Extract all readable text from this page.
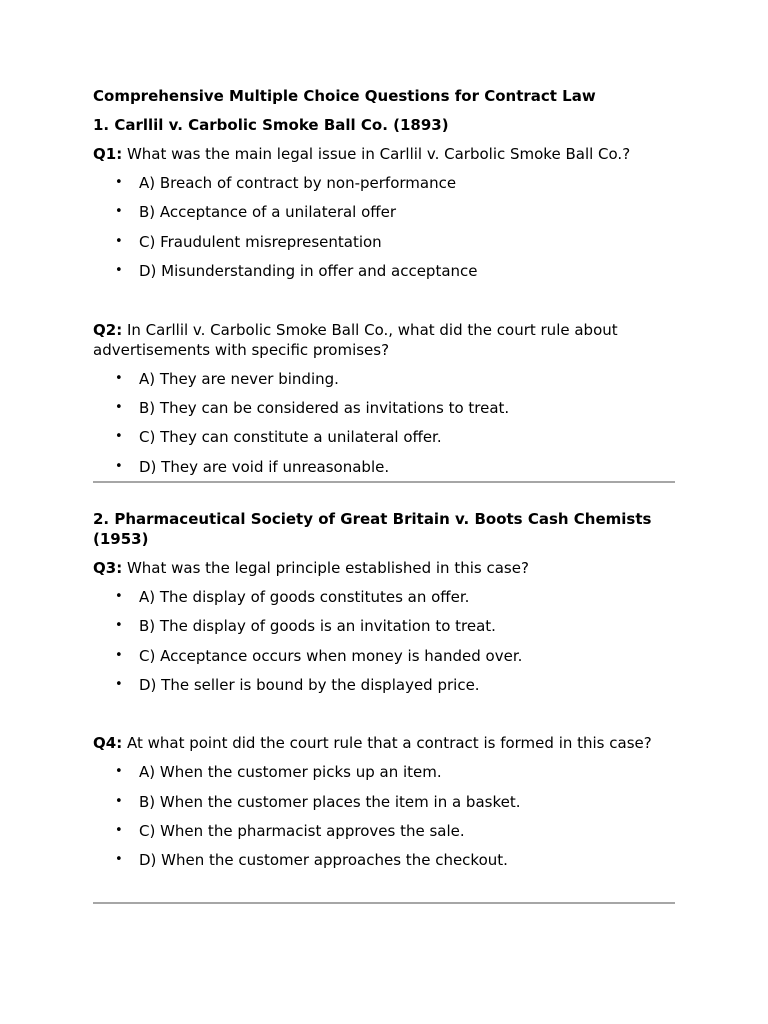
Comprehensive Multiple Choice Questions for Contract Law
1. Carllil v. Carbolic Smoke Ball Co. (1893)
Q1: What was the main legal issue in Carllil v. Carbolic Smoke Ball Co.?
• A) Breach of contract by non-performance
• B) Acceptance of a unilateral offer
• C) Fraudulent misrepresentation
• D) Misunderstanding in offer and acceptance
Q2: In Carllil v. Carbolic Smoke Ball Co., what did the court rule about advertisements with specific promises?
• A) They are never binding.
• B) They can be considered as invitations to treat.
• C) They can constitute a unilateral offer.
• D) They are void if unreasonable.
2. Pharmaceutical Society of Great Britain v. Boots Cash Chemists (1953)
Q3: What was the legal principle established in this case?
• A) The display of goods constitutes an offer.
• B) The display of goods is an invitation to treat.
• C) Acceptance occurs when money is handed over.
• D) The seller is bound by the displayed price.
Q4: At what point did the court rule that a contract is formed in this case?
• A) When the customer picks up an item.
• B) When the customer places the item in a basket.
• C) When the pharmacist approves the sale.
• D) When the customer approaches the checkout.
